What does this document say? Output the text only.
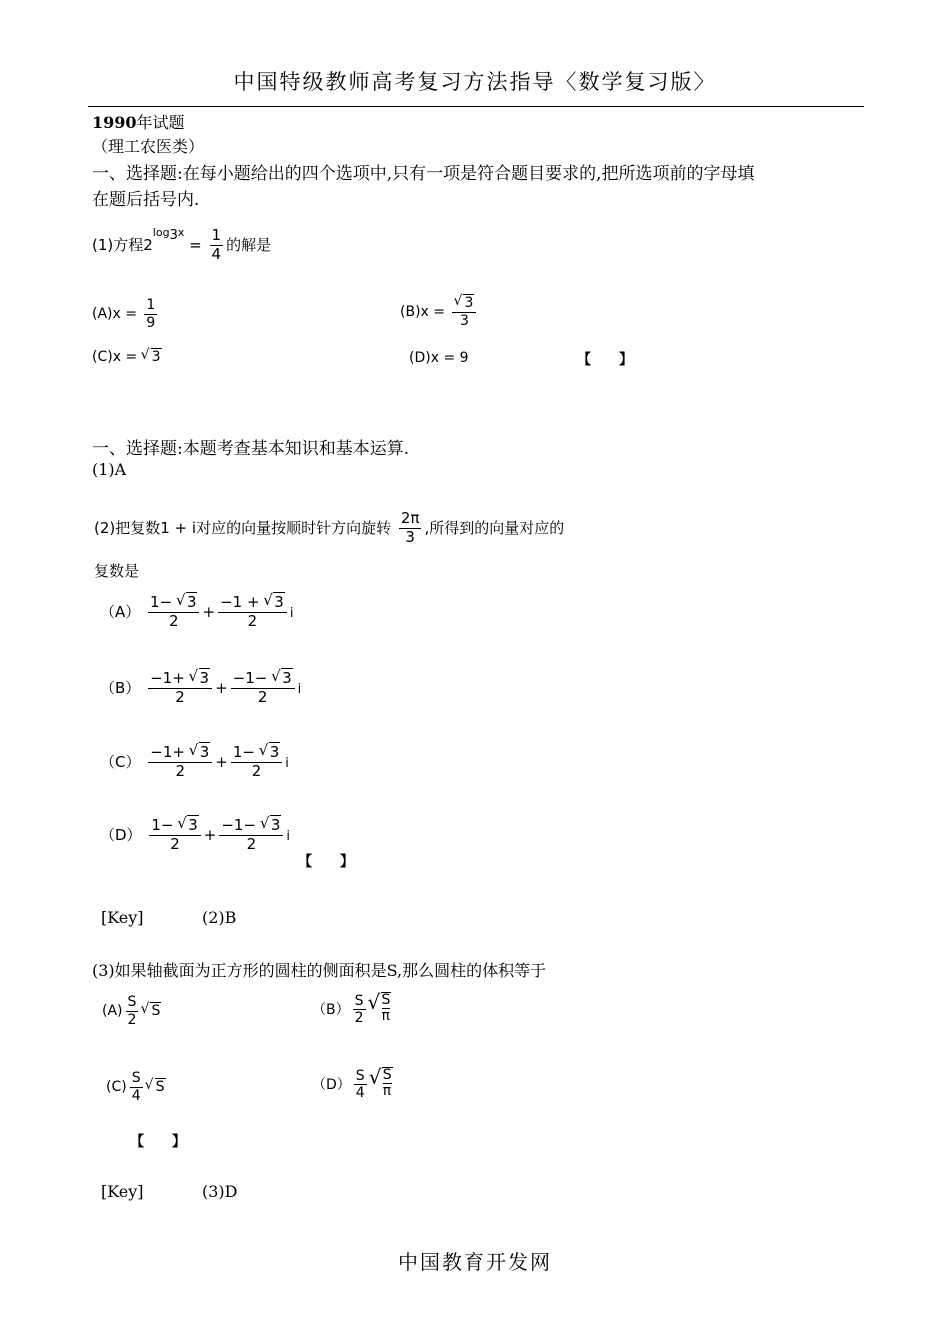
中国特级教师高考复习方法指导〈数学复习版〉
1990年试题
（理工农医类）
一、选择题:在每小题给出的四个选项中,只有一项是符合题目要求的,把所选项前的字母填
在题后括号内.
(1)方程$2^{log_3x} = \frac{1}{4}$ 的解是
$(A)x = \frac{1}{9}$	(B)x = √ $\frac{3}{3}$
(C)x = √ 3	(D)x = 9	【　　】
一、选择题:本题考查基本知识和基本运算.
(1)A
(2)把复数1 + i对应的向量按顺时针方向旋转 $\frac{2\pi}{3}$ ,所得到的向量对应的
复数是
$(A) \frac{1- √ 3}{2} + \frac{-1 + √ 3}{2}$ i
$(B) \frac{-1+ √ 3}{2} + \frac{-1- √ 3}{2}$ i
$(C) \frac{-1+ √ 3}{2} + \frac{1- √ 3}{2}$ i
$(D) \frac{1- √ 3}{2} + \frac{-1- √ 3}{2}$ i
【　　】
[Key]	(2)B
(3)如果轴截面为正方形的圆柱的侧面积是S,那么圆柱的体积等于
$(A) \frac{S}{2}$ √ S	$(B) \frac{S}{2}$ √ $\frac{S}{\pi}$
$(C) \frac{S}{4}$ √ S	$(D) \frac{S}{4}$ √ $\frac{S}{\pi}$
【　　】
[Key]	(3)D
中国教育开发网
